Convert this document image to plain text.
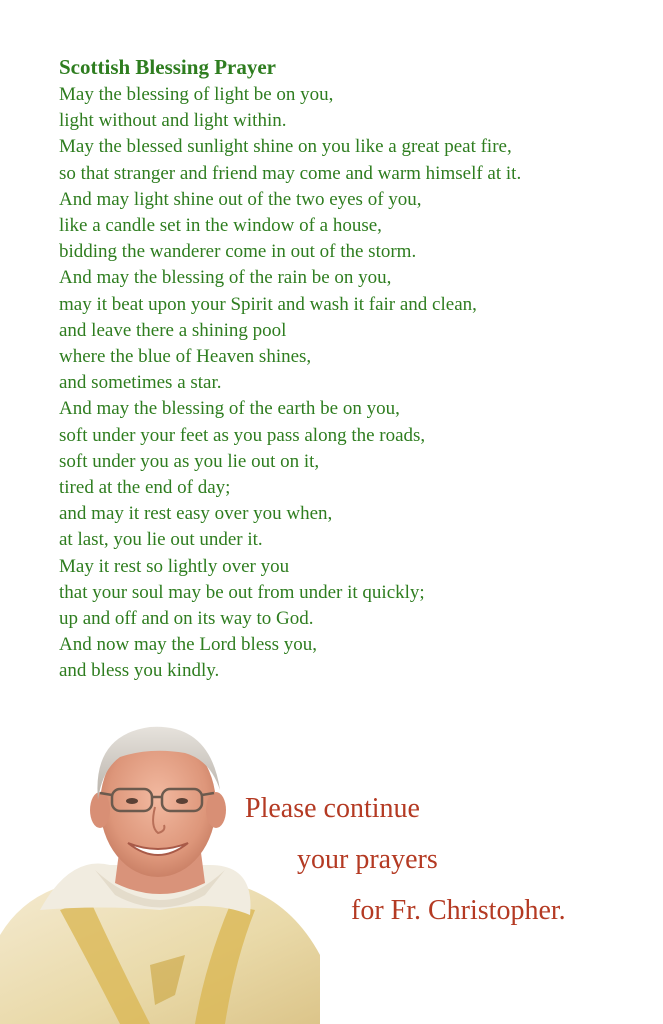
Scottish Blessing Prayer
May the blessing of light be on you,
light without and light within.
May the blessed sunlight shine on you like a great peat fire,
so that stranger and friend may come and warm himself at it.
And may light shine out of the two eyes of you,
like a candle set in the window of a house,
bidding the wanderer come in out of the storm.
And may the blessing of the rain be on you,
may it beat upon your Spirit and wash it fair and clean,
and leave there a shining pool
where the blue of Heaven shines,
and sometimes a star.
And may the blessing of the earth be on you,
soft under your feet as you pass along the roads,
soft under you as you lie out on it,
tired at the end of day;
and may it rest easy over you when,
at last, you lie out under it.
May it rest so lightly over you
that your soul may be out from under it quickly;
up and off and on its way to God.
And now may the Lord bless you,
and bless you kindly.
Please continue
your prayers
for Fr. Christopher.
